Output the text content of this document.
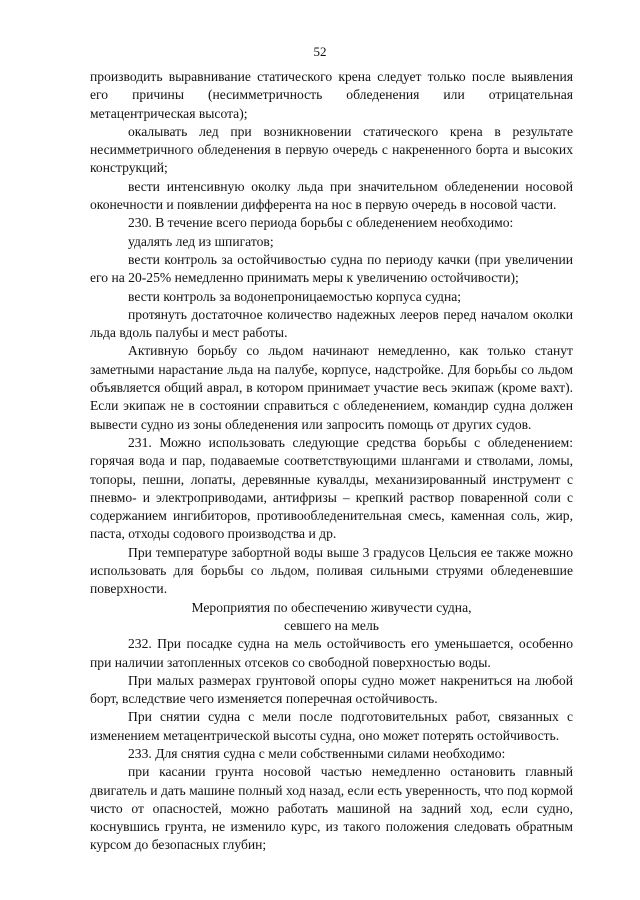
52

производить выравнивание статического крена следует только после выявления его причины (несимметричность обледенения или отрицательная метацентрическая высота);

окалывать лед при возникновении статического крена в результате несимметричного обледенения в первую очередь с накрененного борта и высоких конструкций;

вести интенсивную околку льда при значительном обледенении носовой оконечности и появлении дифферента на нос в первую очередь в носовой части.

230. В течение всего периода борьбы с обледенением необходимо:

удалять лед из шпигатов;

вести контроль за остойчивостью судна по периоду качки (при увеличении его на 20-25% немедленно принимать меры к увеличению остойчивости);

вести контроль за водонепроницаемостью корпуса судна;

протянуть достаточное количество надежных лееров перед началом околки льда вдоль палубы и мест работы.

Активную борьбу со льдом начинают немедленно, как только станут заметными нарастание льда на палубе, корпусе, надстройке. Для борьбы со льдом объявляется общий аврал, в котором принимает участие весь экипаж (кроме вахт). Если экипаж не в состоянии справиться с обледенением, командир судна должен вывести судно из зоны обледенения или запросить помощь от других судов.

231. Можно использовать следующие средства борьбы с обледенением: горячая вода и пар, подаваемые соответствующими шлангами и стволами, ломы, топоры, пешни, лопаты, деревянные кувалды, механизированный инструмент с пневмо- и электроприводами, антифризы – крепкий раствор поваренной соли с содержанием ингибиторов, противообледенительная смесь, каменная соль, жир, паста, отходы содового производства и др.

При температуре забортной воды выше 3 градусов Цельсия ее также можно использовать для борьбы со льдом, поливая сильными струями обледеневшие поверхности.

Мероприятия по обеспечению живучести судна,

севшего на мель

232. При посадке судна на мель остойчивость его уменьшается, особенно при наличии затопленных отсеков со свободной поверхностью воды.

При малых размерах грунтовой опоры судно может накрениться на любой борт, вследствие чего изменяется поперечная остойчивость.

При снятии судна с мели после подготовительных работ, связанных с изменением метацентрической высоты судна, оно может потерять остойчивость.

233. Для снятия судна с мели собственными силами необходимо:

при касании грунта носовой частью немедленно остановить главный двигатель и дать машине полный ход назад, если есть уверенность, что под кормой чисто от опасностей, можно работать машиной на задний ход, если судно, коснувшись грунта, не изменило курс, из такого положения следовать обратным курсом до безопасных глубин;
